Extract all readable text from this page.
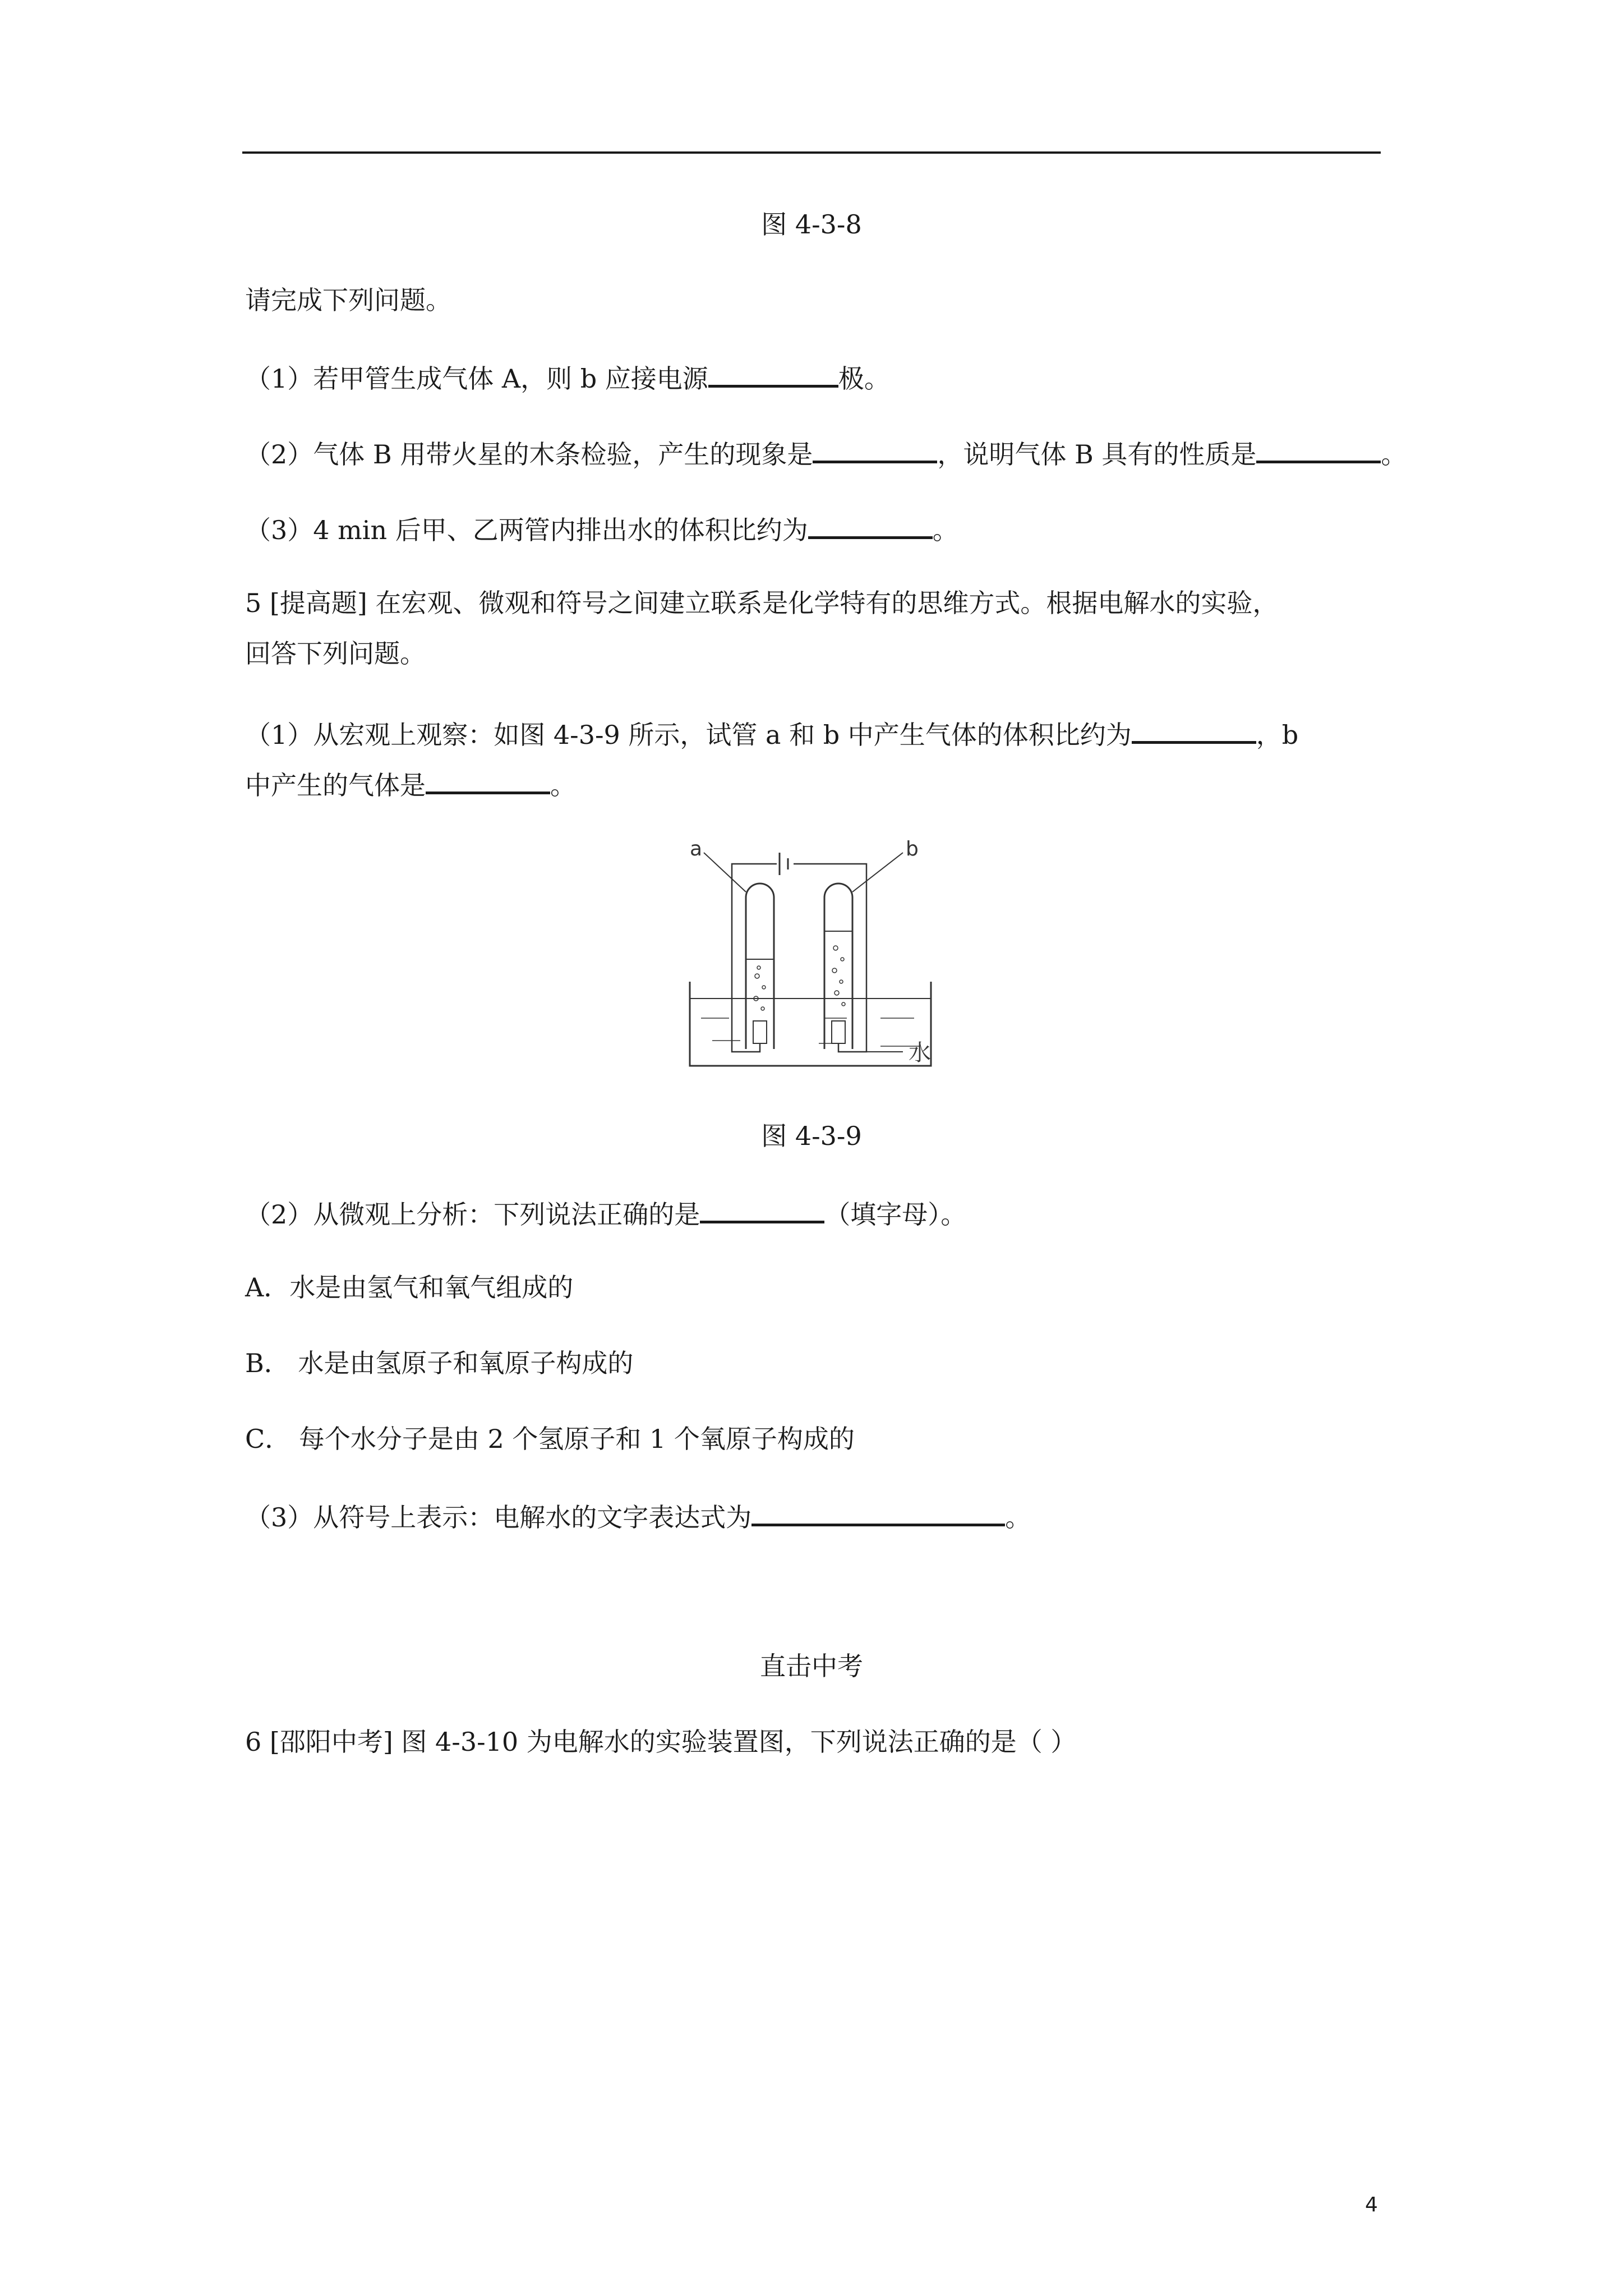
图 4-3-8
请完成下列问题。
（1）若甲管生成气体 A，则 b 应接电源	极。
（2）气体 B 用带火星的木条检验，产生的现象是	，说明气体 B 具有的性质是	。
（3）4 min 后甲、乙两管内排出水的体积比约为	。
5 [提高题] 在宏观、微观和符号之间建立联系是化学特有的思维方式。根据电解水的实验，
回答下列问题。
（1）从宏观上观察：如图 4-3-9 所示，试管 a 和 b 中产生气体的体积比约为	，b
中产生的气体是	。
a	b
水
图 4-3-9
（2）从微观上分析：下列说法正确的是	（填字母）。
A．水是由氢气和氧气组成的
B． 水是由氢原子和氧原子构成的
C． 每个水分子是由 2 个氢原子和 1 个氧原子构成的
（3）从符号上表示：电解水的文字表达式为	。
直击中考
6 [邵阳中考] 图 4-3-10 为电解水的实验装置图，下列说法正确的是（ ）
4
